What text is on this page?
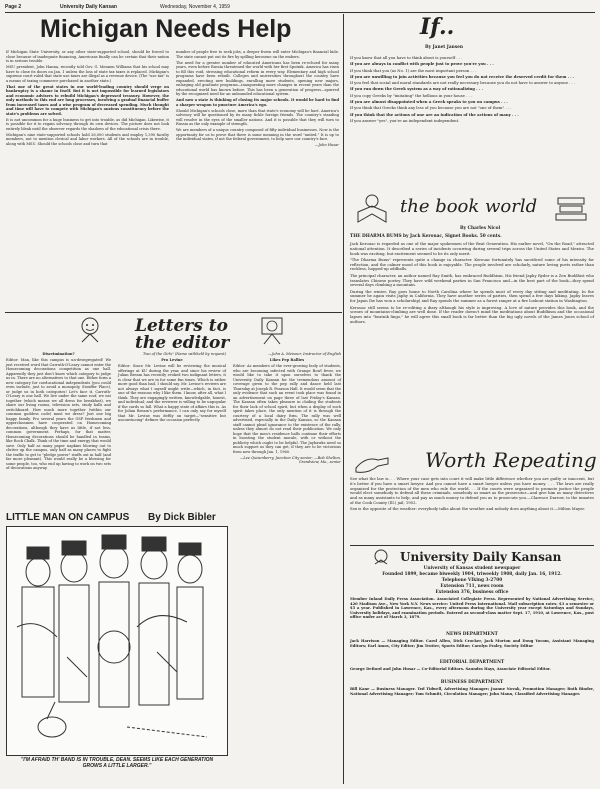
Page 2	University Daily Kansan	Wednesday, November 4, 1959
Michigan Needs Help

If Michigan State University, or any other state-supported school, should be forced to close because of inadequate financing, Americans finally can be certain that their nation is in serious trouble.

MSU president, John Hanna, recently told Gov. G. Mennen Williams that his school may have to close its doors on Jan. 1 unless the loss of state tax taxes is replaced. Michigan's supreme court ruled that state use taxes are illegal as a revenue device. (The "use tax" is a means of taxing commerce purchased in another state.)

That one of the great states in our world-leading country should verge on bankruptcy is a shame in itself. But it is not impossible for learned legislators and economic advisers to rebuild Michigan's depressed treasury. However, the only methods to this end are long processes, involving a gradual financial buffer from increased taxes and a wise program of decreased spending. Much thought and time will have to compete with Michigan's anxious constituency before the state's problems are solved.

It is not uncommon for a huge business to get into trouble, as did Michigan. Likewise, it is possible for it to regain solvency through its own devices. The picture does not look entirely bleak until the observer regards the shadows of the educational crisis there.

Michigan's nine state-supported schools hold 26,000 students and employ 1,390 faculty members, not to mention clerical and labor workers. All of the schools are in trouble, along with MSU. Should the schools close and turn that

number of people free to seek jobs, a deeper frown will enter Michigan's financial hide. The state cannot put out its fire by spilling kerosene on the embers.

The need for a greater number of educated Americans has been re-echoed for many years, even before Russia threatened the world with her first Sputnik. America has risen to fill this void, stressing educational reform in every way. Elementary and high school programs have been rebuilt. Colleges and universities throughout the country have expanded, erecting new buildings, enrolling more students, opening new majors, enlarging old graduate programs—inaugurating more changes in recent years than the educational world has known before. This has been a generation of progress—spurred by the recognized need for an unbounded educational system.

And now a state is thinking of closing its major schools. It would be hard to find a sharper weapon to puncture America's ego.

Should Michigan's schools close, more than that state's economy will be hurt. America's solvency will be questioned by its many fickle foreign friends. The country's standing will resolve in the eyes of the smaller nations. And it is possible that they will turn to Russia as the only example of strength.

We are members of a unique country composed of fifty individual businesses. Now is the opportunity for us to prove that there is some meaning in the word "united." It is up to the individual states, if not the federal government, to help save our country's face.

—John Husar

Letters to the editor

Discrimination?

Editor: Man, like this campus is un-desegregated! We just received word that Carruth-O'Leary cannot enter the Homecoming decorations competition as one hall. Apparently they just don't know which category to judge us in. There are no alternatives to that one. Either form a new category for coeducational independents (you could even include, just to avoid a monopoly, Stouffer Place), or judge us in both categories! Let's face it, Carruth-O'Leary is one hall. We live under the same roof, we eat together (which means we all dress for breakfast), we share our living rooms, television sets, study halls and switchboard. How much more together (within our common goddess code) must we dress? Just one big happy family. Pro several years the GSP freshmen and upperclassmen have cooperated on Homecoming decorations, although they have as little, if not less, common government. Perhaps, for that matter, Homecoming decorations should be handled in teams, like Rock Chalk. Think of the time and energy that would save. Only half as many paper napkins blowing out to clutter up the campus, only half as many places to fight the traffic to get to "pledge power" stuffs out in half (and far more pleasant). This would really be a blessing for some people, too, who end up having to work on two sets of decorations anyway.

Two of the Girls" (Name withheld by request)

Pro Levine

Editor: Since Mr. Levine will be reviewing the musical offerings at KU during the year, and since his review of Julian Bream has recently evoked two indignant letters, it is clear that we are in for some fun times. Which is rather more good than bad, I should say. Mr. Levine's reviews are not always what I myself might write—which, in fact, is one of the reasons why I like them. I know, after all, what I think. They are engagingly written, knowledgable, honest, and individual; and the reviewer is willing to be unpopular if the cards so fall. What a happy state of affairs this is. As for Julian Bream's performance, I can only say for myself that Mr. Levine was deftly on target—"sensitive but unconvincing" defines the occasion perfectly.

—John A. Meixner, Instructor of English

Likes Pep Rallies

Editor: As members of the ever-growing body of students, who are becoming infected with Orange Bowl fever, we would like to take it upon ourselves to thank the University Daily Kansan for the tremendous amount of coverage given to the pep rally and dance held last Thursday at Joseph R. Pearson Hall. It would seem that the only evidence that such an event took place was found in an advertisement on page three of last Friday's Kansan. The Kansan often takes pleasure in chiding the students for their lack of school spirit, but when a display of such spirit takes place, the only mention of it is through the courtesy of a local dairy firm. The rally was well advertised, especially in the Daily Kansan, so the Kansan staff cannot plead ignorance to the existence of the rally, unless they almost do not read their publication. We only hope that the men's residence halls continue their efforts in boosting the student morale, with or without the publicity which ought to be helpful. The Jayhawks need so much support as they can get, if they are to be victorious from now through Jan. 1, 1960.

—Lee Quisenberry, Junction City senior; —Bob Shelton, Grandview, Mo., senior

LITTLE MAN ON CAMPUS By Dick Bibler
"I'M AFRAID TH' BAND IS IN TROUBLE, DEAN. SEEMS LIKE EACH GENERATION GROWS A LITTLE LARGER."
If..
By Janet Jansen

If you know that all you have to think about is yourself . . .

If you are always in conflict with people just to prove you're you . . .

If you think that you (as No. 1) are the most important person . . .

If you are unwilling to join activities because you feel you do not receive the deserved credit for them . . .

If you feel that social and moral standards are not really necessary because you do not have to answer to anyone . . .

If you run down the Greek system as a way of rationalizing . . .

If you copy Greeks by "imitating" the hellions in your house . . .

If you are almost disappointed when a Greek speaks to you on campus . . .

If you think that Greeks think any less of you because you are not "one of them" . . .

If you think that the actions of one are an indication of the actions of many . . .

If you answer "yes", you're an independent independent.

the book world
By Charles Nicol
THE DHARMA BUMS by Jack Kerouac, Signet Books. 50 cents.

Jack Kerouac is regarded as one of the major spokesmen of the Beat Generation. His earlier novel, "On the Road," attracted national attention. It described a series of incidents occurring during several trips across the United States and Mexico. The book was exciting, but excitement seemed to be its only merit.

"The Dharma Bums" represents quite a change in character. Kerouac fortunately has sacrificed some of his intensity for reflection, and the calmer mood of this book is enjoyable. The people involved are scholarly, nature loving poets rather than reckless, hopped-up oddballs.

The principal character, an author named Ray Smith, has embraced Buddhism. His friend Japhy Ryder is a Zen Buddhist who translates Chinese poetry. They have wild weekend parties in San Francisco and—in the best part of the book—they spend several days climbing a mountain.

During the winter, Ray goes home to North Carolina where he spends most of every day sitting and meditating. In the summer he again visits Japhy in California. They have another series of parties, then spend a few days hiking. Japhy leaves for Japan (he has won a scholarship) and Ray spends the summer as a forest ranger at a fire lookout station in Washington.

Kerouac still seems to be re-editing a diary although his style is improving. A love of nature provides this book, and the scenes of mountains-climbing are well done. If the reader doesn't mind the meditations about Buddhism and the occasional lapses into "beatnik lingo," he will agree this small book is far better than the big ugly novels of the James Jones school of authors.

Worth Repeating

See what the law is. . . Where your case gets into court it will make little difference whether you are guilty or innocent, but it's better if you have a smart lawyer. And you cannot have a smart lawyer unless you have money. . . . The laws are really organized for the protection of the men who rule the world. . . If the courts were organized to promote justice the people would elect somebody to defend all these criminals, somebody as smart as the prosecutor—and give him as many detectives and as many assistants to help, and pay as much money to defend you as to prosecute you.—Clarence Darrow, to the inmates of the Cook County (Ill.) jail, 1902.

Sex is the opposite of the weather: everybody talks about the weather and nobody does anything about it.—Milton Mayer.

University Daily Kansan
University of Kansas student newspaper
Founded 1899, became biweekly 1904, triweekly 1908, daily Jan. 16, 1912.
Telephone VIking 3-2700
Extension 711, news room
Extension 376, business office
Member Inland Daily Press Association. Associated Collegiate Press. Represented by National Advertising Service, 420 Madison Ave., New York N.Y. News service: United Press International. Mail subscription rates: $3 a semester or $5 a year. Published in Lawrence, Kas., every afternoon during the University year except Saturdays and Sundays, University holidays, and examination periods. Entered as second-class matter Sept. 17, 1910, at Lawrence, Kas., post office under act of March 3, 1879.
NEWS DEPARTMENT
Jack Harrison — Managing Editor. Carol Allen, Dick Crocker, Jack Morton and Doug Yocom, Assistant Managing Editors; Earl Amos, City Editor; Jim Trotter, Sports Editor; Carolyn Fraley, Society Editor
EDITORIAL DEPARTMENT
George DeBord and John Husar — Co-Editorial Editors. Saundra Hays, Associate Editorial Editor.
BUSINESS DEPARTMENT
Bill Kane — Business Manager. Ted Tidwell, Advertising Manager; Joanne Novak, Promotion Manager; Ruth Binder, National Advertising Manager; Tom Schmitt, Circulation Manager; John Mann, Classified Advertising Manager.
